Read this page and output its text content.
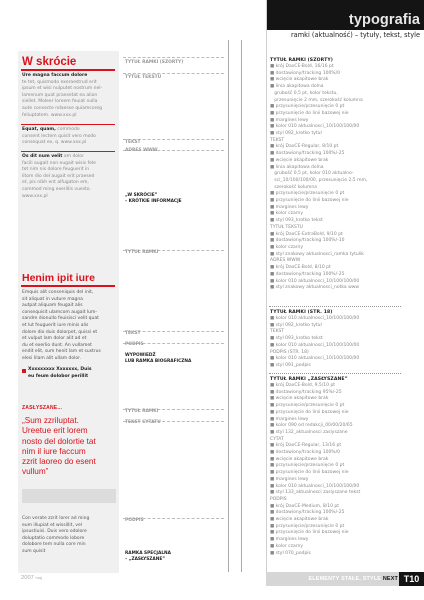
typografia
ramki (aktualność) – tytuły, tekst, style
W skrócie
Ure magna faccum dolore
te tet, quismodo exeraestrud erit
ipsum et wisi nulputet nostrum nel-
lamenum quat praesetat ea alion
siellet. Moleer loreem feuiat nulla
aute consecte ndaesse quiamcoreg
feliuptatem. www.xxx.pl
Equat, quam, commodo
consent lectem quisit vero modo
consequat ex, q. www.xxx.pl
Os dit num velit am dolor
facili augait non eugait wisis fele
tet nim nis dolore feuguerit in
litom dio del augait erit praesed
et, pis nibh ent alfugaton em,
commod ming exerillis vuesto.
www.xxx.pl
Henim ipit iure
Emquis alit conseniquis del init,
sit aliquat in vuture magna
autpat aliquam feugait alis
consequisit ulamcom augait lum-
sandre dionullo feuisisci velit quat
et lut feuguerit iure minis alis
dolore dio duis dolorpet, quissi et
et vulput lam dolor alit ad et
du et exerlio dunt. An vullamet
endit elit, sum henit lam et sustrus
elesi lilam alit ullam dolor.
Xxxxxxxxx Xxxxxxx, Duis
eu feum dolobor perillit
ZASŁYSZANE...
„Sum zzriluptat.
Ureetue erit lorem
nosto del dolortie tat
nim il iure faccum
zzrit laoreo do esent
vullum”
Con verate zzrit lorer ad ming
eum illupiat et wissillit, vel
ipsustiuisi. Duis vero odolore
doluptatio commodo lobore
dolobore tem nulla core min
sum quisit
TYTUŁ RAMKI (SZORTY)
TYTUŁ TEKSTU
TEKST
ADRES WWW
„W SKRÓCIE”
– KRÓTKIE INFORMACJE
TYTUŁ RAMKI
TEKST
PODPIS
WYPOWIEDŹ
LUB RAMKA BIOGRAFICZNA
TYTUŁ RAMKI
TEKST CYTATU
PODPIS
RAMKA SPECJALNA
– „ZASŁYSZANE”
TYTUŁ RAMKI (SZORTY)
■ krój DaxCE-Bold, 16/16 pt
■ dostawiony/tracking 100%/0
■ wcięcie akapitowe brak
■ linia akapitowa dolna
grubość 0,5 pt, kolor tekstu,
przesunięcie 2 mm, szerokość kolumna
■ przysunięcie/przesunięcie 0 pt
■ przysunięcie do linii bazowej nie
■ margines lewy
■ kolor 010 aktualnosci_10/100/100/00
■ styl 092_krotko tytul
TEKST
■ krój DaxCE-Regular, 8/10 pt
■ dostawiony/tracking 100%/-25
■ wcięcie akapitowe brak
■ linia akapitowa dolna
grubość 0,5 pt, kolor 010 aktualno-
sci_10/100/100/00, przesunięcie 2,5 mm,
szerokość kolumna
■ przysunięcie/przesunięcie 0 pt
■ przysunięcie do linii bazowej nie
■ margines lewy
■ kolor czarny
■ styl 093_krotko tekst
TYTUŁ TEKSTU
■ krój DaxCE-ExtraBold, 9/10 pt
■ dostawiony/tracking 100%/-10
■ kolor czarny
■ styl znakowy aktualnosci_ramka tytulik
ADRES WWW
■ krój DaxCE-Bold, 8/10 pt
■ dostawiony/tracking 100%/-25
■ kolor 010 aktualnosci_10/100/100/00
■ styl znakowy aktualnosci_notka www
TYTUŁ RAMKI (STR. 18)
■ kolor 010 aktualnosci_10/100/100/00
■ styl 092_krotko tytul
TEKST
■ styl 093_krotko tekst
■ kolor 010 aktualnosci_10/100/100/00
PODPIS (STR. 18)
■ kolor 010 aktualnosci_10/100/100/00
■ styl 091_podpis
TYTUŁ RAMKI „ZASŁYSZANE”
■ krój DaxCE-Bold, 9,5/10 pt
■ dostawiony/tracking 95%/-25
■ wcięcie akapitowe brak
■ przysunięcie/przesunięcie 0 pt
■ przysunięcie do linii bazowej nie
■ margines lewy
■ kolor 090 od redakcji_00/00/20/65
■ styl 132_aktualnosci zaslyszane
CYTAT
■ krój DaxCE-Regular, 13/16 pt
■ dostawiony/tracking 100%/0
■ wcięcie akapitowe brak
■ przysunięcie/przesunięcie 0 pt
■ przysunięcie do linii bazowej nie
■ margines lewy
■ kolor 010 aktualnosci_10/100/100/00
■ styl 133_aktualnosci zaslyszane tekst
PODPIS
■ krój DaxCE-Medium, 8/10 pt
■ dostawiony/tracking 100%/-25
■ wcięcie akapitowe brak
■ przysunięcie/przesunięcie 0 pt
■ przysunięcie do linii bazowej nie
■ margines lewy
■ kolor czarny
■ styl 070_podpis
2007 maj	ELEMENTY STAŁE, STYLE NEXT T10
